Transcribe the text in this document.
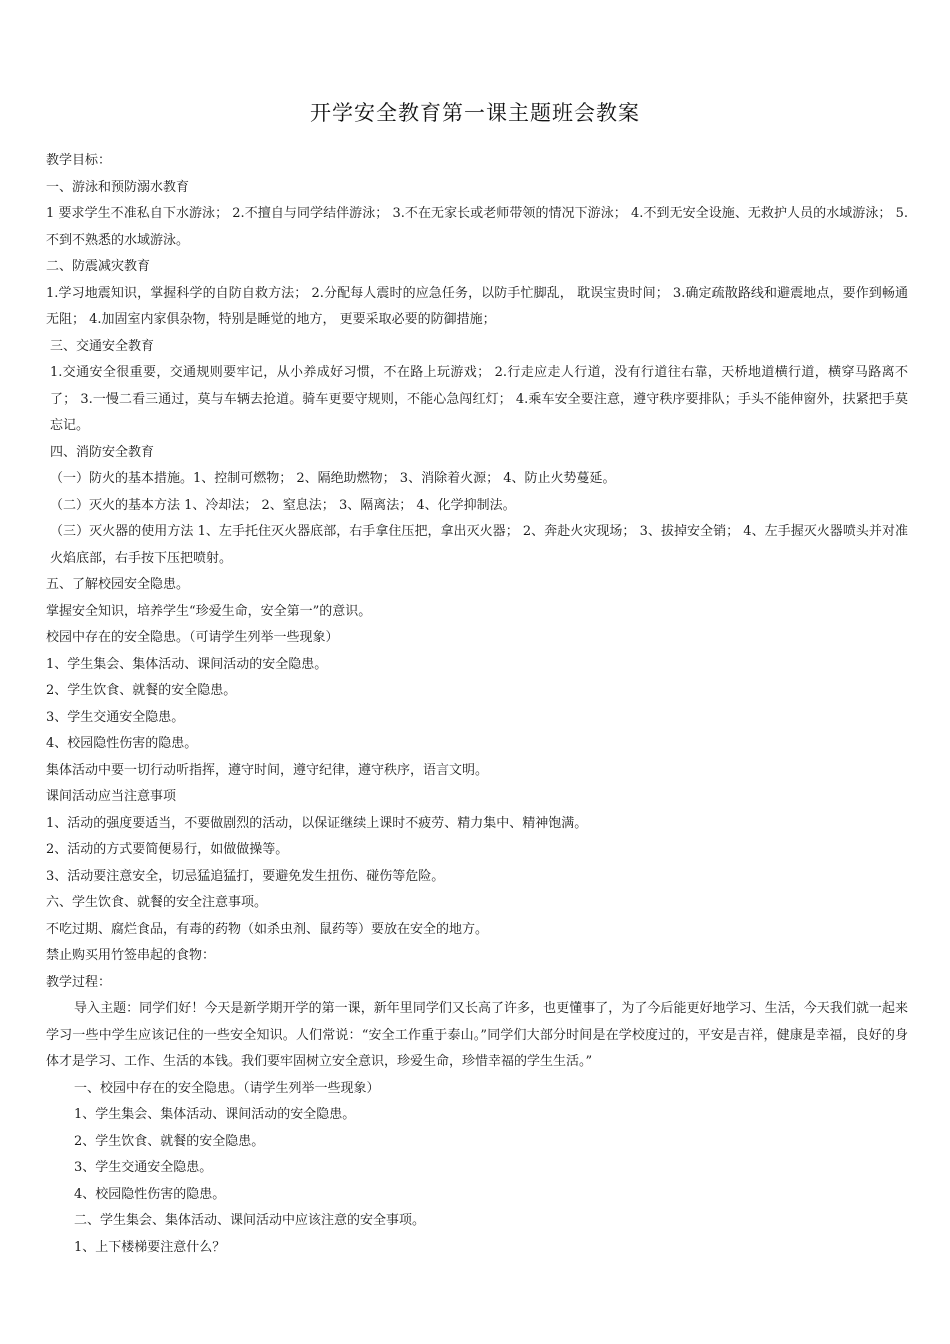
开学安全教育第一课主题班会教案

教学目标：

一、游泳和预防溺水教育

1 要求学生不准私自下水游泳； 2.不擅自与同学结伴游泳； 3.不在无家长或老师带领的情况下游泳； 4.不到无安全设施、无救护人员的水域游泳； 5.不到不熟悉的水域游泳。

二、防震减灾教育

1.学习地震知识，掌握科学的自防自救方法； 2.分配每人震时的应急任务，以防手忙脚乱， 耽误宝贵时间； 3.确定疏散路线和避震地点，要作到畅通无阻； 4.加固室内家俱杂物，特别是睡觉的地方， 更要采取必要的防御措施；

三、交通安全教育

1.交通安全很重要，交通规则要牢记，从小养成好习惯，不在路上玩游戏； 2.行走应走人行道，没有行道往右靠，天桥地道横行道，横穿马路离不了； 3.一慢二看三通过，莫与车辆去抢道。骑车更要守规则，不能心急闯红灯； 4.乘车安全要注意，遵守秩序要排队；手头不能伸窗外，扶紧把手莫忘记。

四、消防安全教育

（一）防火的基本措施。1、控制可燃物； 2、隔绝助燃物； 3、消除着火源； 4、防止火势蔓延。

（二）灭火的基本方法 1、冷却法； 2、窒息法； 3、隔离法； 4、化学抑制法。

（三）灭火器的使用方法 1、左手托住灭火器底部，右手拿住压把，拿出灭火器； 2、奔赴火灾现场； 3、拔掉安全销； 4、左手握灭火器喷头并对准火焰底部，右手按下压把喷射。

五、了解校园安全隐患。

掌握安全知识，培养学生“珍爱生命，安全第一”的意识。

校园中存在的安全隐患。（可请学生列举一些现象）

1、学生集会、集体活动、课间活动的安全隐患。

2、学生饮食、就餐的安全隐患。

3、学生交通安全隐患。

4、校园隐性伤害的隐患。

集体活动中要一切行动听指挥，遵守时间，遵守纪律，遵守秩序，语言文明。

课间活动应当注意事项

1、活动的强度要适当，不要做剧烈的活动，以保证继续上课时不疲劳、精力集中、精神饱满。

2、活动的方式要简便易行，如做做操等。

3、活动要注意安全，切忌猛追猛打，要避免发生扭伤、碰伤等危险。

六、学生饮食、就餐的安全注意事项。

不吃过期、腐烂食品，有毒的药物（如杀虫剂、鼠药等）要放在安全的地方。

禁止购买用竹签串起的食物：

教学过程：

导入主题：同学们好！今天是新学期开学的第一课，新年里同学们又长高了许多，也更懂事了，为了今后能更好地学习、生活，今天我们就一起来学习一些中学生应该记住的一些安全知识。人们常说：“安全工作重于泰山。”同学们大部分时间是在学校度过的，平安是吉祥，健康是幸福，良好的身体才是学习、工作、生活的本钱。我们要牢固树立安全意识，珍爱生命，珍惜幸福的学生生活。”

一、校园中存在的安全隐患。（请学生列举一些现象）

1、学生集会、集体活动、课间活动的安全隐患。

2、学生饮食、就餐的安全隐患。

3、学生交通安全隐患。

4、校园隐性伤害的隐患。

二、学生集会、集体活动、课间活动中应该注意的安全事项。

1、上下楼梯要注意什么？
